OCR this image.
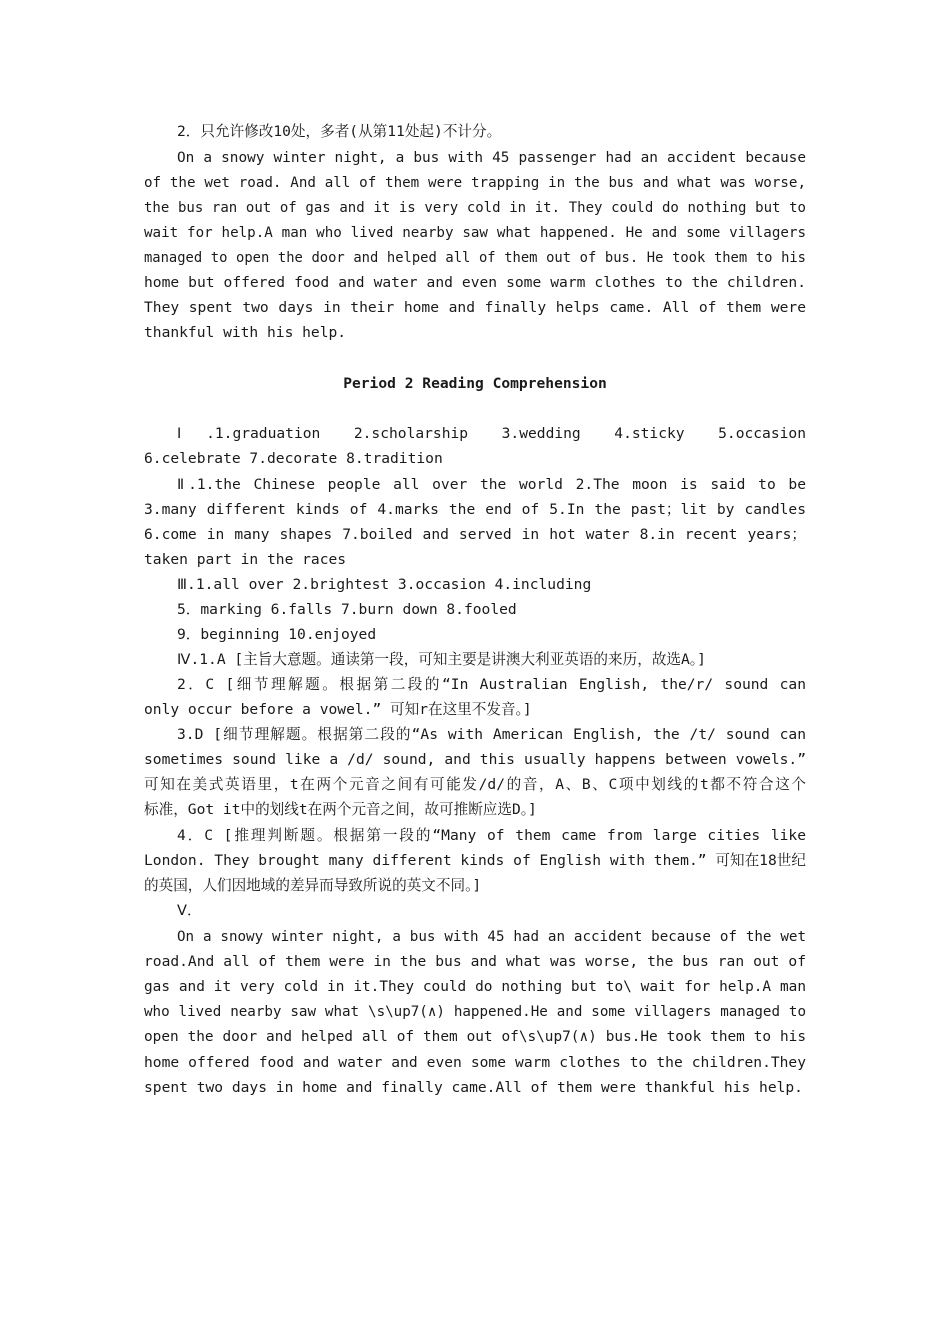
2．只允许修改10处，多者(从第11处起)不计分。
On a snowy winter night, a bus with 45 passenger had an accident because
of the wet road. And all of them were trapping in the bus and what was worse,
the bus ran out of gas and it is very cold in it. They could do nothing but to
wait for help.A man who lived nearby saw what happened. He and some villagers
managed to open the door and helped all of them out of bus. He took them to his
home but offered food and water and even some warm clothes to the children.
They spent two days in their home and finally helps came. All of them were
thankful with his help.
Period 2 Reading Comprehension
Ⅰ.1.graduation 2.scholarship 3.wedding 4.sticky 5.occasion
6.celebrate 7.decorate 8.tradition
Ⅱ.1.the Chinese people all over the world 2.The moon is said to be
3.many different kinds of 4.marks the end of 5.In the past；lit by candles
6.come in many shapes 7.boiled and served in hot water 8.in recent years；
taken part in the races
Ⅲ.1.all over 2.brightest 3.occasion 4.including
5．marking 6.falls 7.burn down 8.fooled
9．beginning 10.enjoyed
Ⅳ.1.A [主旨大意题。通读第一段，可知主要是讲澳大利亚英语的来历，故选A。]
2．C [细节理解题。根据第二段的“In Australian English, the/r/ sound can
only occur before a vowel.” 可知r在这里不发音。]
3.D [细节理解题。根据第二段的“As with American English, the /t/ sound can
sometimes sound like a /d/ sound, and this usually happens between vowels.”
可知在美式英语里，t在两个元音之间有可能发/d/的音，A、B、C项中划线的t都不符合这个
标准，Got it中的划线t在两个元音之间，故可推断应选D。]
4．C [推理判断题。根据第一段的“Many of them came from large cities like
London. They brought many different kinds of English with them.” 可知在18世纪
的英国，人们因地域的差异而导致所说的英文不同。]
Ⅴ．
On a snowy winter night, a bus with 45 had an accident because of the wet
road.And all of them were in the bus and what was worse, the bus ran out of
gas and it very cold in it.They could do nothing but to\ wait for help.A man
who lived nearby saw what \s\up7(∧) happened.He and some villagers managed to
open the door and helped all of them out of\s\up7(∧) bus.He took them to his
home offered food and water and even some warm clothes to the children.They
spent two days in home and finally came.All of them were thankful his help.
